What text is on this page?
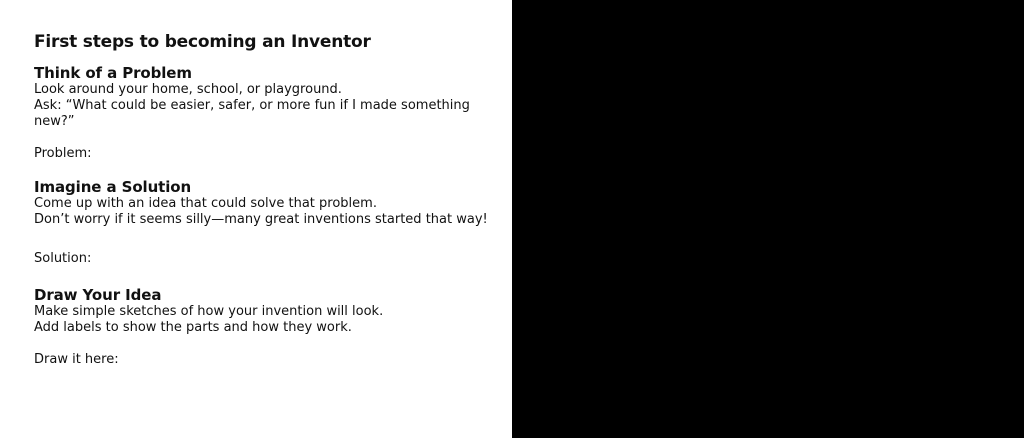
First steps to becoming an Inventor
Think of a Problem

Look around your home, school, or playground.

Ask: “What could be easier, safer, or more fun if I made something

new?”

Problem:

Imagine a Solution

Come up with an idea that could solve that problem.

Don’t worry if it seems silly—many great inventions started that way!

Solution:

Draw Your Idea

Make simple sketches of how your invention will look.

Add labels to show the parts and how they work.

Draw it here:
